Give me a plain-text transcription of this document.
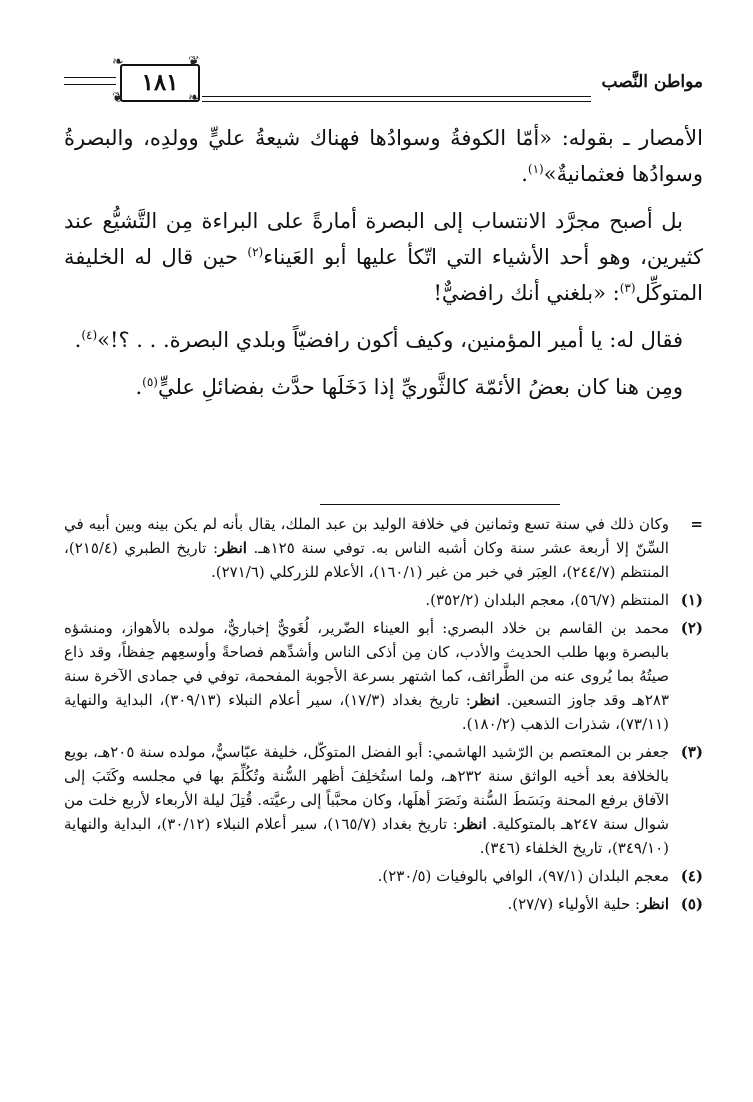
مواطن النَّصب
١٨١
❧	❦
❦	❧

الأمصار ـ بقوله: «أمّا الكوفةُ وسوادُها فهناك شيعةُ عليٍّ وولدِه، والبصرةُ وسوادُها فعثمانيةٌ»$^{(١)}$.

بل أصبح مجرَّد الانتساب إلى البصرة أمارةً على البراءة مِن التَّشيُّع عند كثيرين، وهو أحد الأشياء التي اتّكأ عليها أبو العَيناء$^{(٢)}$ حين قال له الخليفة المتوكِّل$^{(٣)}$: «بلغني أنك رافضيٌّ!

فقال له: يا أمير المؤمنين، وكيف أكون رافضيّاً وبلدي البصرة. . . ؟!»$^{(٤)}$.

ومِن هنا كان بعضُ الأئمّة كالثَّوريِّ إذا دَخَلَها حدَّث بفضائلِ عليٍّ$^{(٥)}$.

=
وكان ذلك في سنة تسع وثمانين في خلافة الوليد بن عبد الملك، يقال بأنه لم يكن بينه وبين أبيه في السِّنّ إلا أربعة عشر سنة وكان أشبه الناس به. توفي سنة ١٢٥هـ. انظر: تاريخ الطبري (٢١٥/٤)، المنتظم (٢٤٤/٧)، العِبَر في خبر من غبر (١٦٠/١)، الأعلام للزركلي (٢٧١/٦).
(١)
المنتظم (٥٦/٧)، معجم البلدان (٣٥٢/٢).
(٢)
محمد بن القاسم بن خلاد البصري: أبو العيناء الضّرير، لُغَويٌّ إخباريٌّ، مولده بالأهواز، ومنشؤه بالبصرة وبها طلب الحديث والأدب، كان مِن أذكى الناس وأشدِّهم فصاحةً وأوسعِهم حِفظاً، وقد ذاع صيتُهُ بما يُروى عنه من الطَّرائف، كما اشتهر بسرعة الأجوبة المفحمة، توفي في جمادى الآخرة سنة ٢٨٣هـ وقد جاوز التسعين. انظر: تاريخ بغداد (١٧/٣)، سير أعلام النبلاء (٣٠٩/١٣)، البداية والنهاية (٧٣/١١)، شذرات الذهب (١٨٠/٢).
(٣)
جعفر بن المعتصم بن الرّشيد الهاشمي: أبو الفضل المتوكّل، خليفة عبّاسيٌّ، مولده سنة ٢٠٥هـ، بويع بالخلافة بعد أخيه الواثق سنة ٢٣٢هـ، ولما استُخلِفَ أظهر السُّنة وتُكُلِّمَ بها في مجلسه وكَتَبَ إلى الآفاق برفع المحنة وبَسَطَ السُّنة ونَصَرَ أهلَها، وكان محبَّباً إلى رعيَّته. قُتِلَ ليلة الأربعاء لأربع خلت من شوال سنة ٢٤٧هـ بالمتوكلية. انظر: تاريخ بغداد (١٦٥/٧)، سير أعلام النبلاء (٣٠/١٢)، البداية والنهاية (٣٤٩/١٠)، تاريخ الخلفاء (٣٤٦).
(٤)
معجم البلدان (٩٧/١)، الوافي بالوفيات (٢٣٠/٥).
(٥)
انظر: حلية الأولياء (٢٧/٧).
